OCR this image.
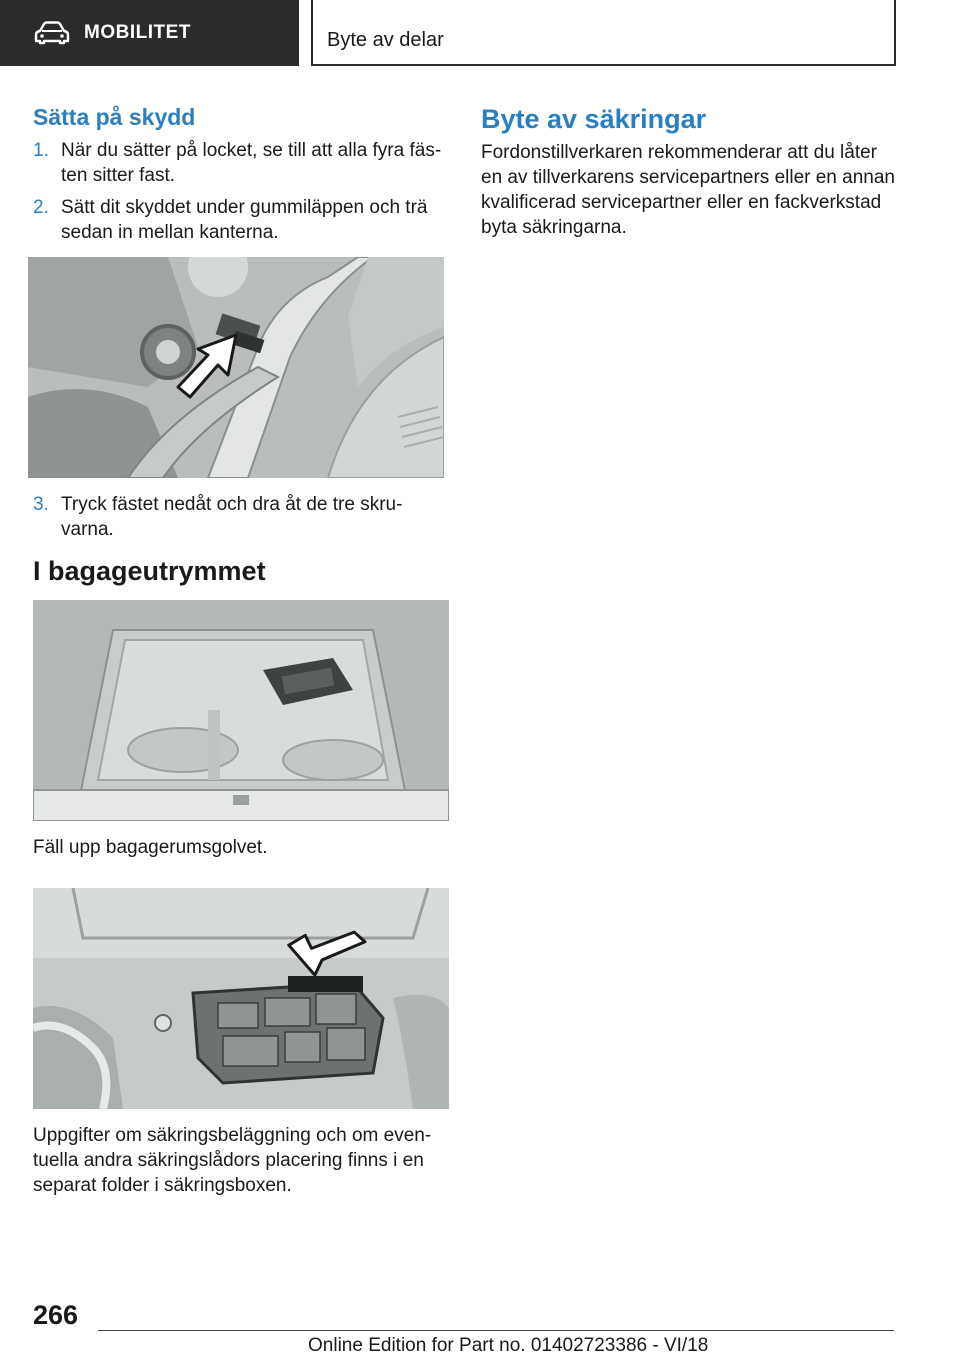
MOBILITET	Byte av delar
Sätta på skydd
1. När du sätter på locket, se till att alla fyra fäs-ten sitter fast.
2. Sätt dit skyddet under gummiläppen och trä sedan in mellan kanterna.
3. Tryck fästet nedåt och dra åt de tre skru-varna.
I bagageutrymmet

Fäll upp bagagerumsgolvet.

Uppgifter om säkringsbeläggning och om even-tuella andra säkringslådors placering finns i en separat folder i säkringsboxen.

Byte av säkringar

Fordonstillverkaren rekommenderar att du låter en av tillverkarens servicepartners eller en annan kvalificerad servicepartner eller en fackverkstad byta säkringarna.

266
Online Edition for Part no. 01402723386 - VI/18
